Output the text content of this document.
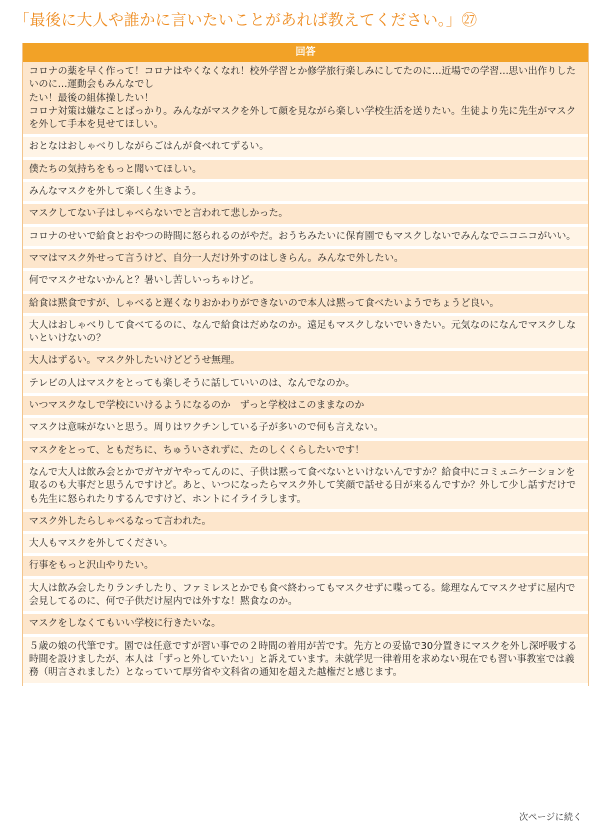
「最後に大人や誰かに言いたいことがあれば教えてください。」㉗
回答
コロナの薬を早く作って！コロナはやくなくなれ！校外学習とか修学旅行楽しみにしてたのに…近場での学習…思い出作りしたいのに…運動会もみんなでし
たい！最後の組体操したい！
コロナ対策は嫌なことばっかり。みんながマスクを外して顔を見ながら楽しい学校生活を送りたい。生徒より先に先生がマスクを外して手本を見せてほしい。
おとなはおしゃべりしながらごはんが食べれてずるい。
僕たちの気持ちをもっと聞いてほしい。
みんなマスクを外して楽しく生きよう。
マスクしてない子はしゃべらないでと言われて悲しかった。
コロナのせいで給食とおやつの時間に怒られるのがやだ。おうちみたいに保育園でもマスクしないでみんなでニコニコがいい。
ママはマスク外せって言うけど、自分一人だけ外すのはしきらん。みんなで外したい。
何でマスクせないかんと？暑いし苦しいっちゃけど。
給食は黙食ですが、しゃべると遅くなりおかわりができないので本人は黙って食べたいようでちょうど良い。
大人はおしゃべりして食べてるのに、なんで給食はだめなのか。遠足もマスクしないでいきたい。元気なのになんでマスクしないといけないの？
大人はずるい。マスク外したいけどどうせ無理。
テレビの人はマスクをとっても楽しそうに話していいのは、なんでなのか。
いつマスクなしで学校にいけるようになるのか　ずっと学校はこのままなのか
マスクは意味がないと思う。周りはワクチンしている子が多いので何も言えない。
マスクをとって、ともだちに、ちゅういされずに、たのしくくらしたいです！
なんで大人は飲み会とかでガヤガヤやってんのに、子供は黙って食べないといけないんですか？給食中にコミュニケーションを取るのも大事だと思うんですけど。あと、いつになったらマスク外して笑顔で話せる日が来るんですか？外して少し話すだけでも先生に怒られたりするんですけど、ホントにイライラします。
マスク外したらしゃべるなって言われた。
大人もマスクを外してください。
行事をもっと沢山やりたい。
大人は飲み会したりランチしたり、ファミレスとかでも食べ終わってもマスクせずに喋ってる。総理なんてマスクせずに屋内で会見してるのに、何で子供だけ屋内では外すな！黙食なのか。
マスクをしなくてもいい学校に行きたいな。
５歳の娘の代筆です。園では任意ですが習い事での２時間の着用が苦です。先方との妥協で30分置きにマスクを外し深呼吸する時間を設けましたが、本人は「ずっと外していたい」と訴えています。未就学児一律着用を求めない現在でも習い事教室では義務（明言されました）となっていて厚労省や文科省の通知を超えた越権だと感じます。
次ページに続く
